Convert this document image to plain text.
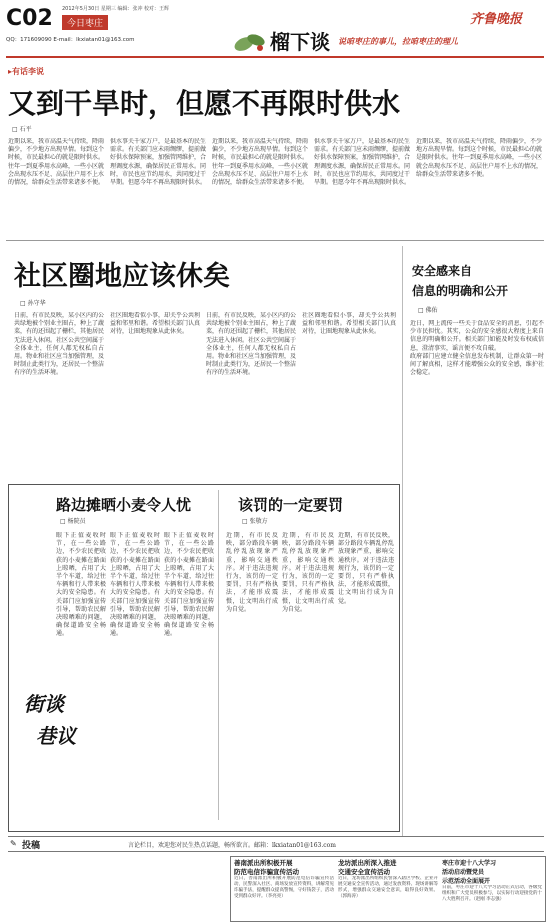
C02	今日枣庄
2012年5月30日 星期三 编辑：张冲 校对：王辉
QQ：171609090 E-mail：lkxiatan01@163.com
齐鲁晚报
榴下谈 说咱枣庄的事儿，拉咱枣庄的理儿
▸有话李说
又到干旱时，但愿不再限时供水
□ 石平
近期以来，我市高温天气持续，降雨偏少，不少地方出现旱情。每到这个时候，市民最担心的就是限时供水。往年一到夏季用水高峰，一些小区就会出现水压不足、高层住户用不上水的情况，给群众生活带来诸多不便。
供水事关千家万户，是最基本的民生需求。有关部门应未雨绸缪，提前做好供水保障预案，加强管网维护，合理调度水源，确保居民正常用水。同时，市民也应节约用水，共同度过干旱期。但愿今年不再出现限时供水。
近期以来，我市高温天气持续，降雨偏少，不少地方出现旱情。每到这个时候，市民最担心的就是限时供水。往年一到夏季用水高峰，一些小区就会出现水压不足、高层住户用不上水的情况，给群众生活带来诸多不便。
供水事关千家万户，是最基本的民生需求。有关部门应未雨绸缪，提前做好供水保障预案，加强管网维护，合理调度水源，确保居民正常用水。同时，市民也应节约用水，共同度过干旱期。但愿今年不再出现限时供水。
近期以来，我市高温天气持续，降雨偏少，不少地方出现旱情。每到这个时候，市民最担心的就是限时供水。往年一到夏季用水高峰，一些小区就会出现水压不足、高层住户用不上水的情况，给群众生活带来诸多不便。
社区圈地应该休矣
□ 孙守华
日前，有市民反映，某小区内的公共绿地被个别业主圈占，种上了蔬菜，有的还围起了栅栏，其他居民无法进入休闲。社区公共空间属于全体业主，任何人都无权私自占用。物业和社区应当加强管理，及时制止此类行为，还居民一个整洁有序的生活环境。
社区圈地看似小事，却关乎公共利益和邻里和谐。希望相关部门认真对待，让圈地现象从此休矣。
日前，有市民反映，某小区内的公共绿地被个别业主圈占，种上了蔬菜，有的还围起了栅栏，其他居民无法进入休闲。社区公共空间属于全体业主，任何人都无权私自占用。物业和社区应当加强管理，及时制止此类行为，还居民一个整洁有序的生活环境。
社区圈地看似小事，却关乎公共利益和邻里和谐。希望相关部门认真对待，让圈地现象从此休矣。
安全感来自
信息的明确和公开
□ 佛佑
近日，网上流传一些关于食品安全的消息，引起不少市民担忧。其实，公众的安全感很大程度上来自信息的明确和公开。相关部门如能及时发布权威信息，澄清事实，谣言便不攻自破。
政府部门应建立健全信息发布机制，让群众第一时间了解真相，这样才能增强公众的安全感，维护社会稳定。
路边摊晒小麦令人忧
□ 杨院员
眼下正值麦收时节，在一些公路边，不少农民把收获的小麦摊在路面上晾晒，占用了大半个车道，给过往车辆和行人带来极大的安全隐患。有关部门应加强宣传引导，帮助农民解决晾晒难的问题，确保道路安全畅通。
眼下正值麦收时节，在一些公路边，不少农民把收获的小麦摊在路面上晾晒，占用了大半个车道，给过往车辆和行人带来极大的安全隐患。有关部门应加强宣传引导，帮助农民解决晾晒难的问题，确保道路安全畅通。
眼下正值麦收时节，在一些公路边，不少农民把收获的小麦摊在路面上晾晒，占用了大半个车道，给过往车辆和行人带来极大的安全隐患。有关部门应加强宣传引导，帮助农民解决晾晒难的问题，确保道路安全畅通。
街谈
巷议
该罚的一定要罚
□ 张敬方
近期，有市民反映，部分路段车辆乱停乱放现象严重，影响交通秩序。对于违法违规行为，该罚的一定要罚，只有严格执法，才能形成震慑，让文明出行成为自觉。
近期，有市民反映，部分路段车辆乱停乱放现象严重，影响交通秩序。对于违法违规行为，该罚的一定要罚，只有严格执法，才能形成震慑，让文明出行成为自觉。
近期，有市民反映，部分路段车辆乱停乱放现象严重，影响交通秩序。对于违法违规行为，该罚的一定要罚，只有严格执法，才能形成震慑，让文明出行成为自觉。
✎ 投稿	言论栏目，欢迎您对民生热点话题，畅所欲言。邮箱：lkxiatan01@163.com
善南派出所积极开展
防范电信诈骗宣传活动
近日，善南派出所积极开展防范电信诈骗宣传活动，民警深入社区、商场发放宣传资料，讲解常见诈骗手法，提醒群众提高警惕，守好钱袋子，活动受到群众好评。（李亮亮）
龙坊派出所深入推进
交通安全宣传活动
近日，龙坊派出所组织民警深入辖区学校、企业开展交通安全宣传活动，通过发放资料、现场讲解等形式，增强群众交通安全意识，取得良好效果。（郭海涛）
枣庄市迎十八大学习
活动启动暨党员
示范活动全面展开
日前，枣庄市迎十八大学习活动正式启动，各级党组织和广大党员积极参与，以实际行动迎接党的十八大胜利召开。（赵刚 李志强）
